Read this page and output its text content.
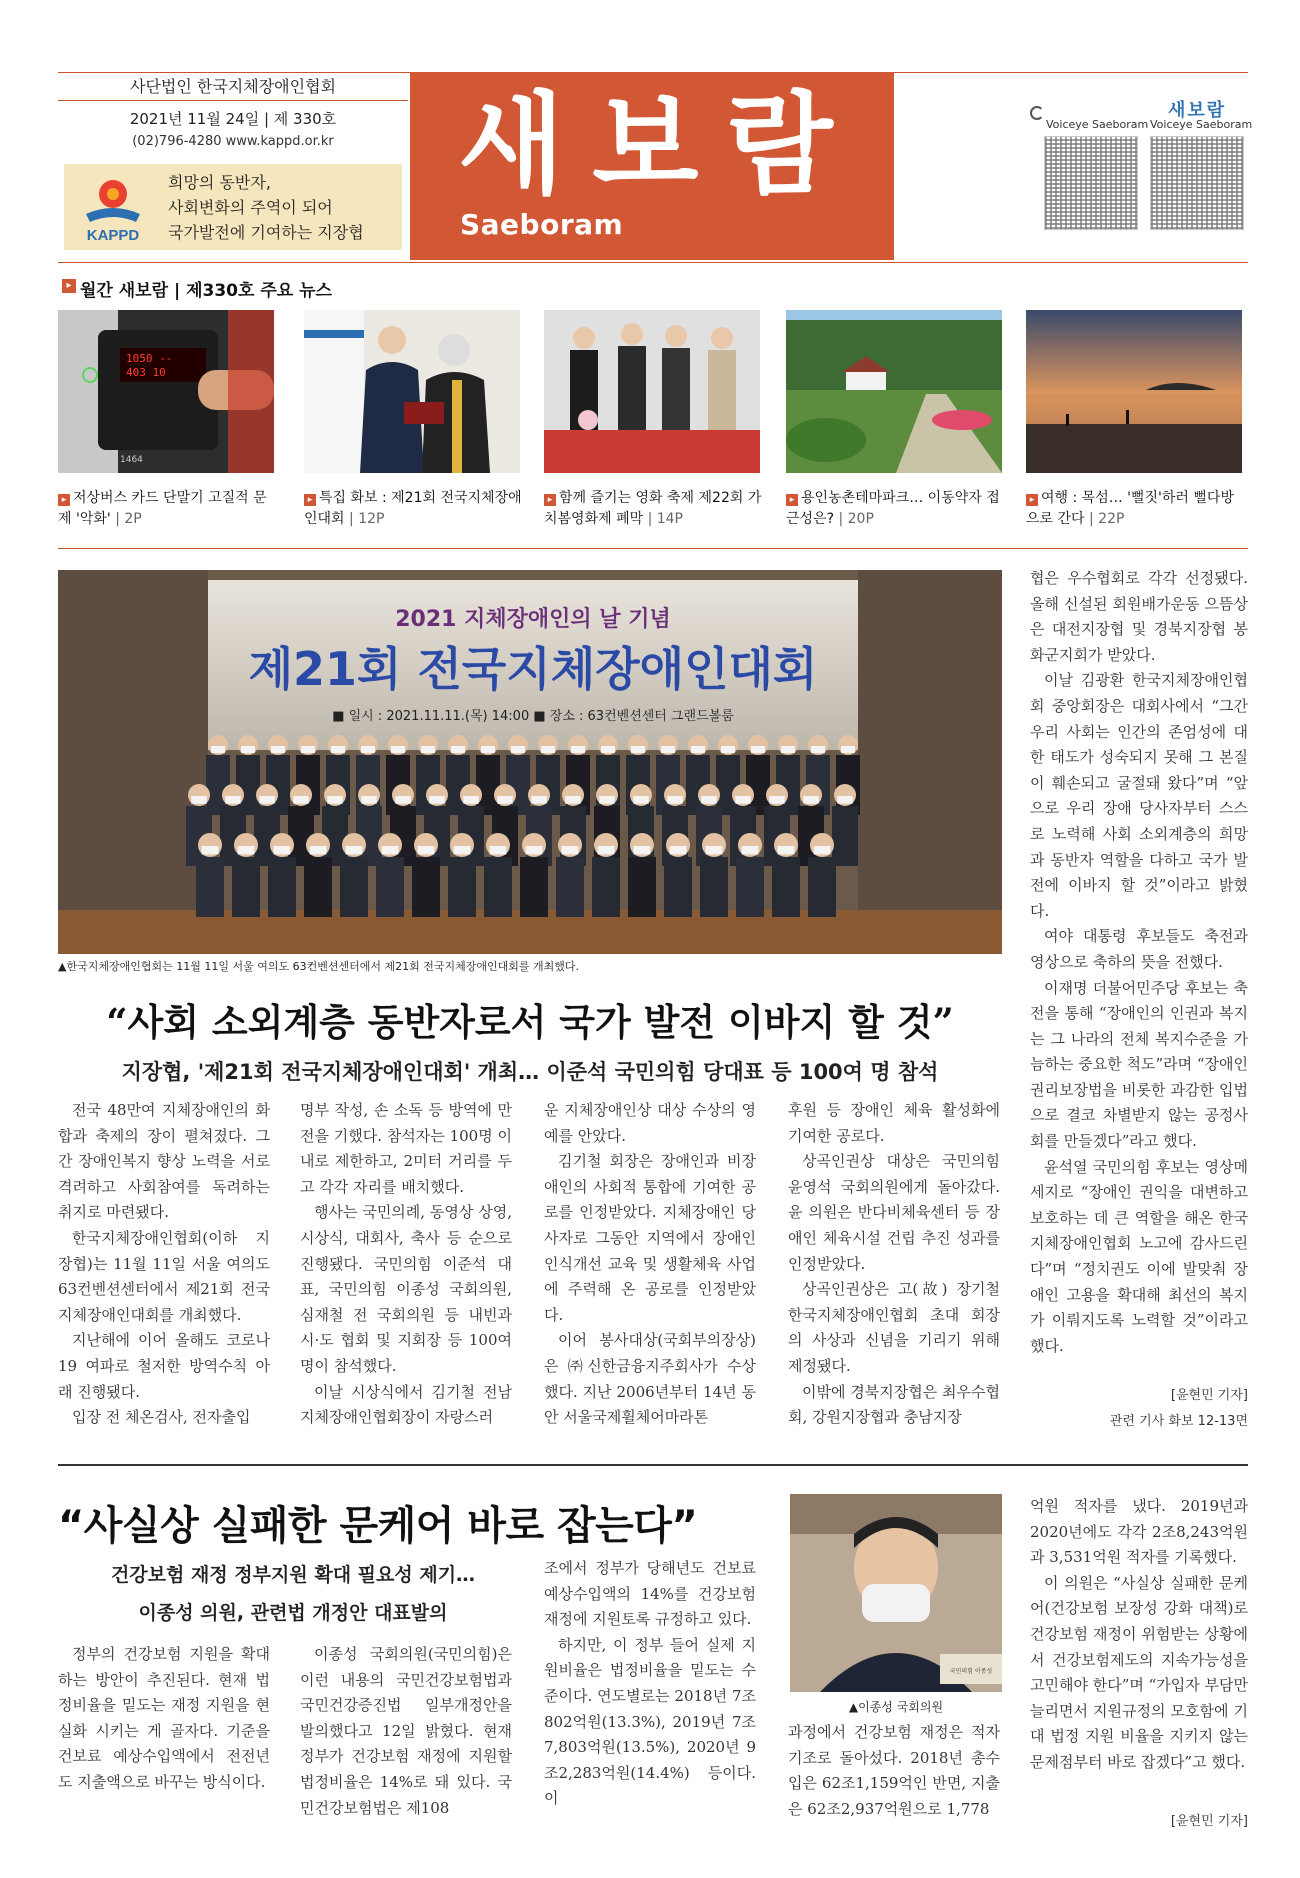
사단법인 한국지체장애인협회
2021년 11월 24일 | 제 330호
(02)796-4280 www.kappd.or.kr
KAPPD
희망의 동반자,
사회변화의 주역이 되어
국가발전에 기여하는 지장협
새보람
Saeboram
Voiceye Saeboram Voiceye Saeboram
새보람
▸ 월간 새보람 | 제330호 주요 뉴스
1050 --
403 10
1464
▸ 저상버스 카드 단말기 고질적 문제 '악화' | 2P
▸ 특집 화보 : 제21회 전국지체장애인대회 | 12P
▸ 함께 즐기는 영화 축제 제22회 가치봄영화제 폐막 | 14P
▸ 용인농촌테마파크… 이동약자 접근성은? | 20P
▸ 여행 : 목섬… '뻘짓'하러 뻘다방으로 간다 | 22P
2021 지체장애인의 날 기념
제21회 전국지체장애인대회
■ 일시 : 2021.11.11.(목) 14:00 ■ 장소 : 63컨벤션센터 그랜드볼룸
▲한국지체장애인협회는 11월 11일 서울 여의도 63컨벤션센터에서 제21회 전국지체장애인대회를 개최했다.
“사회 소외계층 동반자로서 국가 발전 이바지 할 것”
지장협, '제21회 전국지체장애인대회' 개최… 이준석 국민의힘 당대표 등 100여 명 참석

전국 48만여 지체장애인의 화합과 축제의 장이 펼쳐졌다. 그간 장애인복지 향상 노력을 서로 격려하고 사회참여를 독려하는 취지로 마련됐다.

한국지체장애인협회(이하 지장협)는 11월 11일 서울 여의도 63컨벤션센터에서 제21회 전국지체장애인대회를 개최했다.

지난해에 이어 올해도 코로나19 여파로 철저한 방역수칙 아래 진행됐다.

입장 전 체온검사, 전자출입

명부 작성, 손 소독 등 방역에 만전을 기했다. 참석자는 100명 이내로 제한하고, 2미터 거리를 두고 각각 자리를 배치했다.

행사는 국민의례, 동영상 상영, 시상식, 대회사, 축사 등 순으로 진행됐다. 국민의힘 이준석 대표, 국민의힘 이종성 국회의원, 심재철 전 국회의원 등 내빈과 시·도 협회 및 지회장 등 100여 명이 참석했다.

이날 시상식에서 김기철 전남지체장애인협회장이 자랑스러

운 지체장애인상 대상 수상의 영예를 안았다.

김기철 회장은 장애인과 비장애인의 사회적 통합에 기여한 공로를 인정받았다. 지체장애인 당사자로 그동안 지역에서 장애인 인식개선 교육 및 생활체육 사업에 주력해 온 공로를 인정받았다.

이어 봉사대상(국회부의장상)은 ㈜신한금융지주회사가 수상했다. 지난 2006년부터 14년 동안 서울국제휠체어마라톤

후원 등 장애인 체육 활성화에 기여한 공로다.

상곡인권상 대상은 국민의힘 윤영석 국회의원에게 돌아갔다. 윤 의원은 반다비체육센터 등 장애인 체육시설 건립 추진 성과를 인정받았다.

상곡인권상은 고(故) 장기철 한국지체장애인협회 초대 회장의 사상과 신념을 기리기 위해 제정됐다.

이밖에 경북지장협은 최우수협회, 강원지장협과 충남지장

협은 우수협회로 각각 선정됐다. 올해 신설된 회원배가운동 으뜸상은 대전지장협 및 경북지장협 봉화군지회가 받았다.

이날 김광환 한국지체장애인협회 중앙회장은 대회사에서 “그간 우리 사회는 인간의 존엄성에 대한 태도가 성숙되지 못해 그 본질이 훼손되고 굴절돼 왔다”며 “앞으로 우리 장애 당사자부터 스스로 노력해 사회 소외계층의 희망과 동반자 역할을 다하고 국가 발전에 이바지 할 것”이라고 밝혔다.

여야 대통령 후보들도 축전과 영상으로 축하의 뜻을 전했다.

이재명 더불어민주당 후보는 축전을 통해 “장애인의 인권과 복지는 그 나라의 전체 복지수준을 가늠하는 중요한 척도”라며 “장애인권리보장법을 비롯한 과감한 입법으로 결코 차별받지 않는 공정사회를 만들겠다”라고 했다.

윤석열 국민의힘 후보는 영상메세지로 “장애인 권익을 대변하고 보호하는 데 큰 역할을 해온 한국지체장애인협회 노고에 감사드린다”며 “정치권도 이에 발맞춰 장애인 고용을 확대해 최선의 복지가 이뤄지도록 노력할 것”이라고 했다.

[윤현민 기자]
관련 기사 화보 12-13면
“사실상 실패한 문케어 바로 잡는다”
건강보험 재정 정부지원 확대 필요성 제기…
이종성 의원, 관련법 개정안 대표발의

정부의 건강보험 지원을 확대하는 방안이 추진된다. 현재 법정비율을 밑도는 재정 지원을 현실화 시키는 게 골자다. 기준을 건보료 예상수입액에서 전전년도 지출액으로 바꾸는 방식이다.

이종성 국회의원(국민의힘)은 이런 내용의 국민건강보험법과 국민건강증진법 일부개정안을 발의했다고 12일 밝혔다. 현재 정부가 건강보험 재정에 지원할 법정비율은 14%로 돼 있다. 국민건강보험법은 제108

조에서 정부가 당해년도 건보료 예상수입액의 14%를 건강보험 재정에 지원토록 규정하고 있다.

하지만, 이 정부 들어 실제 지원비율은 법정비율을 밑도는 수준이다. 연도별로는 2018년 7조802억원(13.3%), 2019년 7조7,803억원(13.5%), 2020년 9조2,283억원(14.4%) 등이다. 이

국민의힘 이종성
▲이종성 국회의원

과정에서 건강보험 재정은 적자 기조로 돌아섰다. 2018년 총수입은 62조1,159억인 반면, 지출은 62조2,937억원으로 1,778

억원 적자를 냈다. 2019년과 2020년에도 각각 2조8,243억원과 3,531억원 적자를 기록했다.

이 의원은 “사실상 실패한 문케어(건강보험 보장성 강화 대책)로 건강보험 재정이 위험받는 상황에서 건강보험제도의 지속가능성을 고민해야 한다”며 “가입자 부담만 늘리면서 지원규정의 모호함에 기대 법정 지원 비율을 지키지 않는 문제점부터 바로 잡겠다”고 했다.

[윤현민 기자]
